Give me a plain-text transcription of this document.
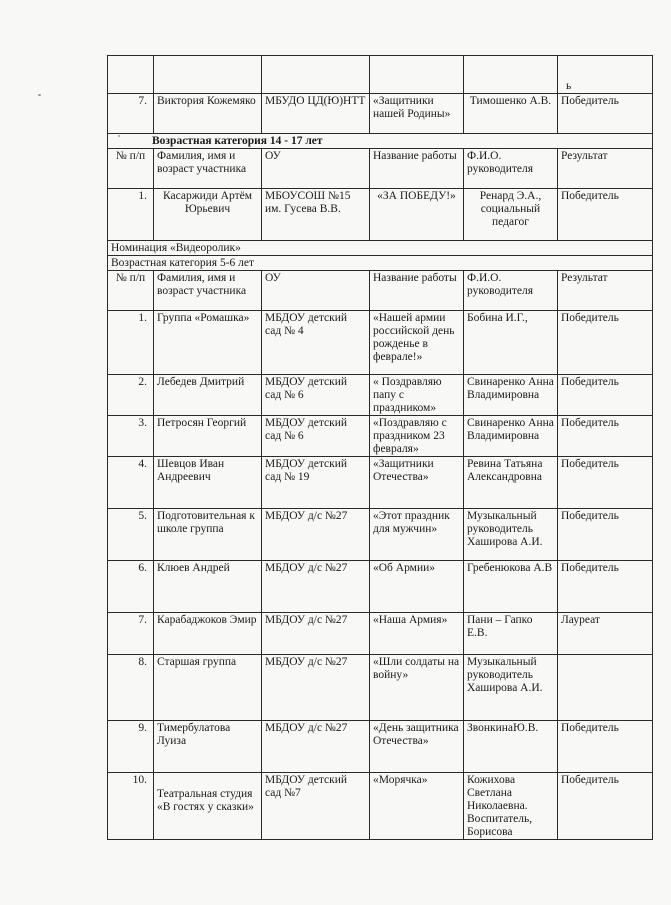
					ь
7.	Виктория Кожемяко	МБУДО ЦД(Ю)НТТ	«Защитники нашей Родины»	Тимошенко А.В.	Победитель
Возрастная категория 14 - 17 лет					
№ п/п	Фамилия, имя и возраст участника	ОУ	Название работы	Ф.И.О. руководителя	Результат
1.	Касаржиди Артём Юрьевич	МБОУСОШ №15 им. Гусева В.В.	«ЗА ПОБЕДУ!»	Ренард Э.А., социальный педагог	Победитель
Номинация «Видеоролик»					
Возрастная категория 5-6 лет					
№ п/п	Фамилия, имя и возраст участника	ОУ	Название работы	Ф.И.О. руководителя	Результат
1.	Группа «Ромашка»	МБДОУ детский сад № 4	«Нашей армии российской день рожденье в феврале!»	Бобина И.Г.,	Победитель
2.	Лебедев Дмитрий	МБДОУ детский сад № 6	« Поздравляю папу с праздником»	Свинаренко Анна Владимировна	Победитель
3.	Петросян Георгий	МБДОУ детский сад № 6	«Поздравляю с праздником 23 февраля»	Свинаренко Анна Владимировна	Победитель
4.	Шевцов Иван Андреевич	МБДОУ детский сад № 19	«Защитники Отечества»	Ревина Татьяна Александровна	Победитель
5.	Подготовительная к школе группа	МБДОУ д/с №27	«Этот праздник для мужчин»	Музыкальный руководитель Хаширова А.И.	Победитель
6.	Клюев Андрей	МБДОУ д/с №27	«Об Армии»	Гребенюкова А.В	Победитель
7.	Карабаджоков Эмир	МБДОУ д/с №27	«Наша Армия»	Пани – Гапко Е.В.	Лауреат
8.	Старшая группа	МБДОУ д/с №27	«Шли солдаты на войну»	Музыкальный руководитель Хаширова А.И.	
9.	Тимербулатова Луиза	МБДОУ д/с №27	«День защитника Отечества»	ЗвонкинаЮ.В.	Победитель
10.	Театральная студия «В гостях у сказки»	МБДОУ детский сад №7	«Морячка»	Кожихова Светлана Николаевна. Воспитатель, Борисова	Победитель
